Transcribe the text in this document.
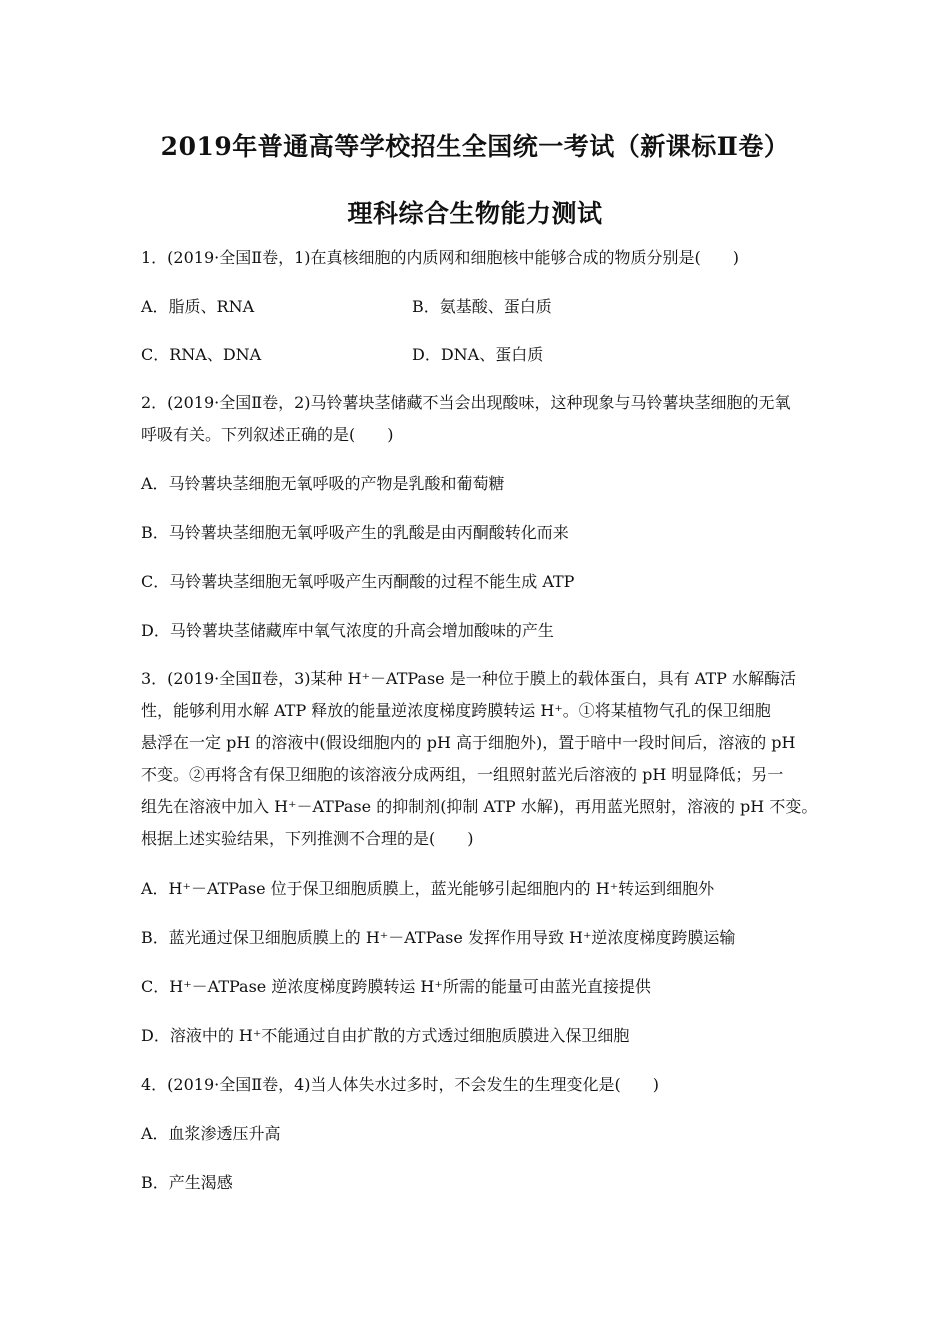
2019年普通高等学校招生全国统一考试（新课标Ⅱ卷）
理科综合生物能力测试
1．(2019·全国Ⅱ卷，1)在真核细胞的内质网和细胞核中能够合成的物质分别是(　　)
A．脂质、RNA	B．氨基酸、蛋白质
C．RNA、DNA	D．DNA、蛋白质
2．(2019·全国Ⅱ卷，2)马铃薯块茎储藏不当会出现酸味，这种现象与马铃薯块茎细胞的无氧
呼吸有关。下列叙述正确的是(　　)
A．马铃薯块茎细胞无氧呼吸的产物是乳酸和葡萄糖
B．马铃薯块茎细胞无氧呼吸产生的乳酸是由丙酮酸转化而来
C．马铃薯块茎细胞无氧呼吸产生丙酮酸的过程不能生成 ATP
D．马铃薯块茎储藏库中氧气浓度的升高会增加酸味的产生
3．(2019·全国Ⅱ卷，3)某种 H⁺－ATPase 是一种位于膜上的载体蛋白，具有 ATP 水解酶活
性，能够利用水解 ATP 释放的能量逆浓度梯度跨膜转运 H⁺。①将某植物气孔的保卫细胞
悬浮在一定 pH 的溶液中(假设细胞内的 pH 高于细胞外)，置于暗中一段时间后，溶液的 pH
不变。②再将含有保卫细胞的该溶液分成两组，一组照射蓝光后溶液的 pH 明显降低；另一
组先在溶液中加入 H⁺－ATPase 的抑制剂(抑制 ATP 水解)，再用蓝光照射，溶液的 pH 不变。
根据上述实验结果，下列推测不合理的是(　　)
A．H⁺－ATPase 位于保卫细胞质膜上，蓝光能够引起细胞内的 H⁺转运到细胞外
B．蓝光通过保卫细胞质膜上的 H⁺－ATPase 发挥作用导致 H⁺逆浓度梯度跨膜运输
C．H⁺－ATPase 逆浓度梯度跨膜转运 H⁺所需的能量可由蓝光直接提供
D．溶液中的 H⁺不能通过自由扩散的方式透过细胞质膜进入保卫细胞
4．(2019·全国Ⅱ卷，4)当人体失水过多时，不会发生的生理变化是(　　)
A．血浆渗透压升高
B．产生渴感
